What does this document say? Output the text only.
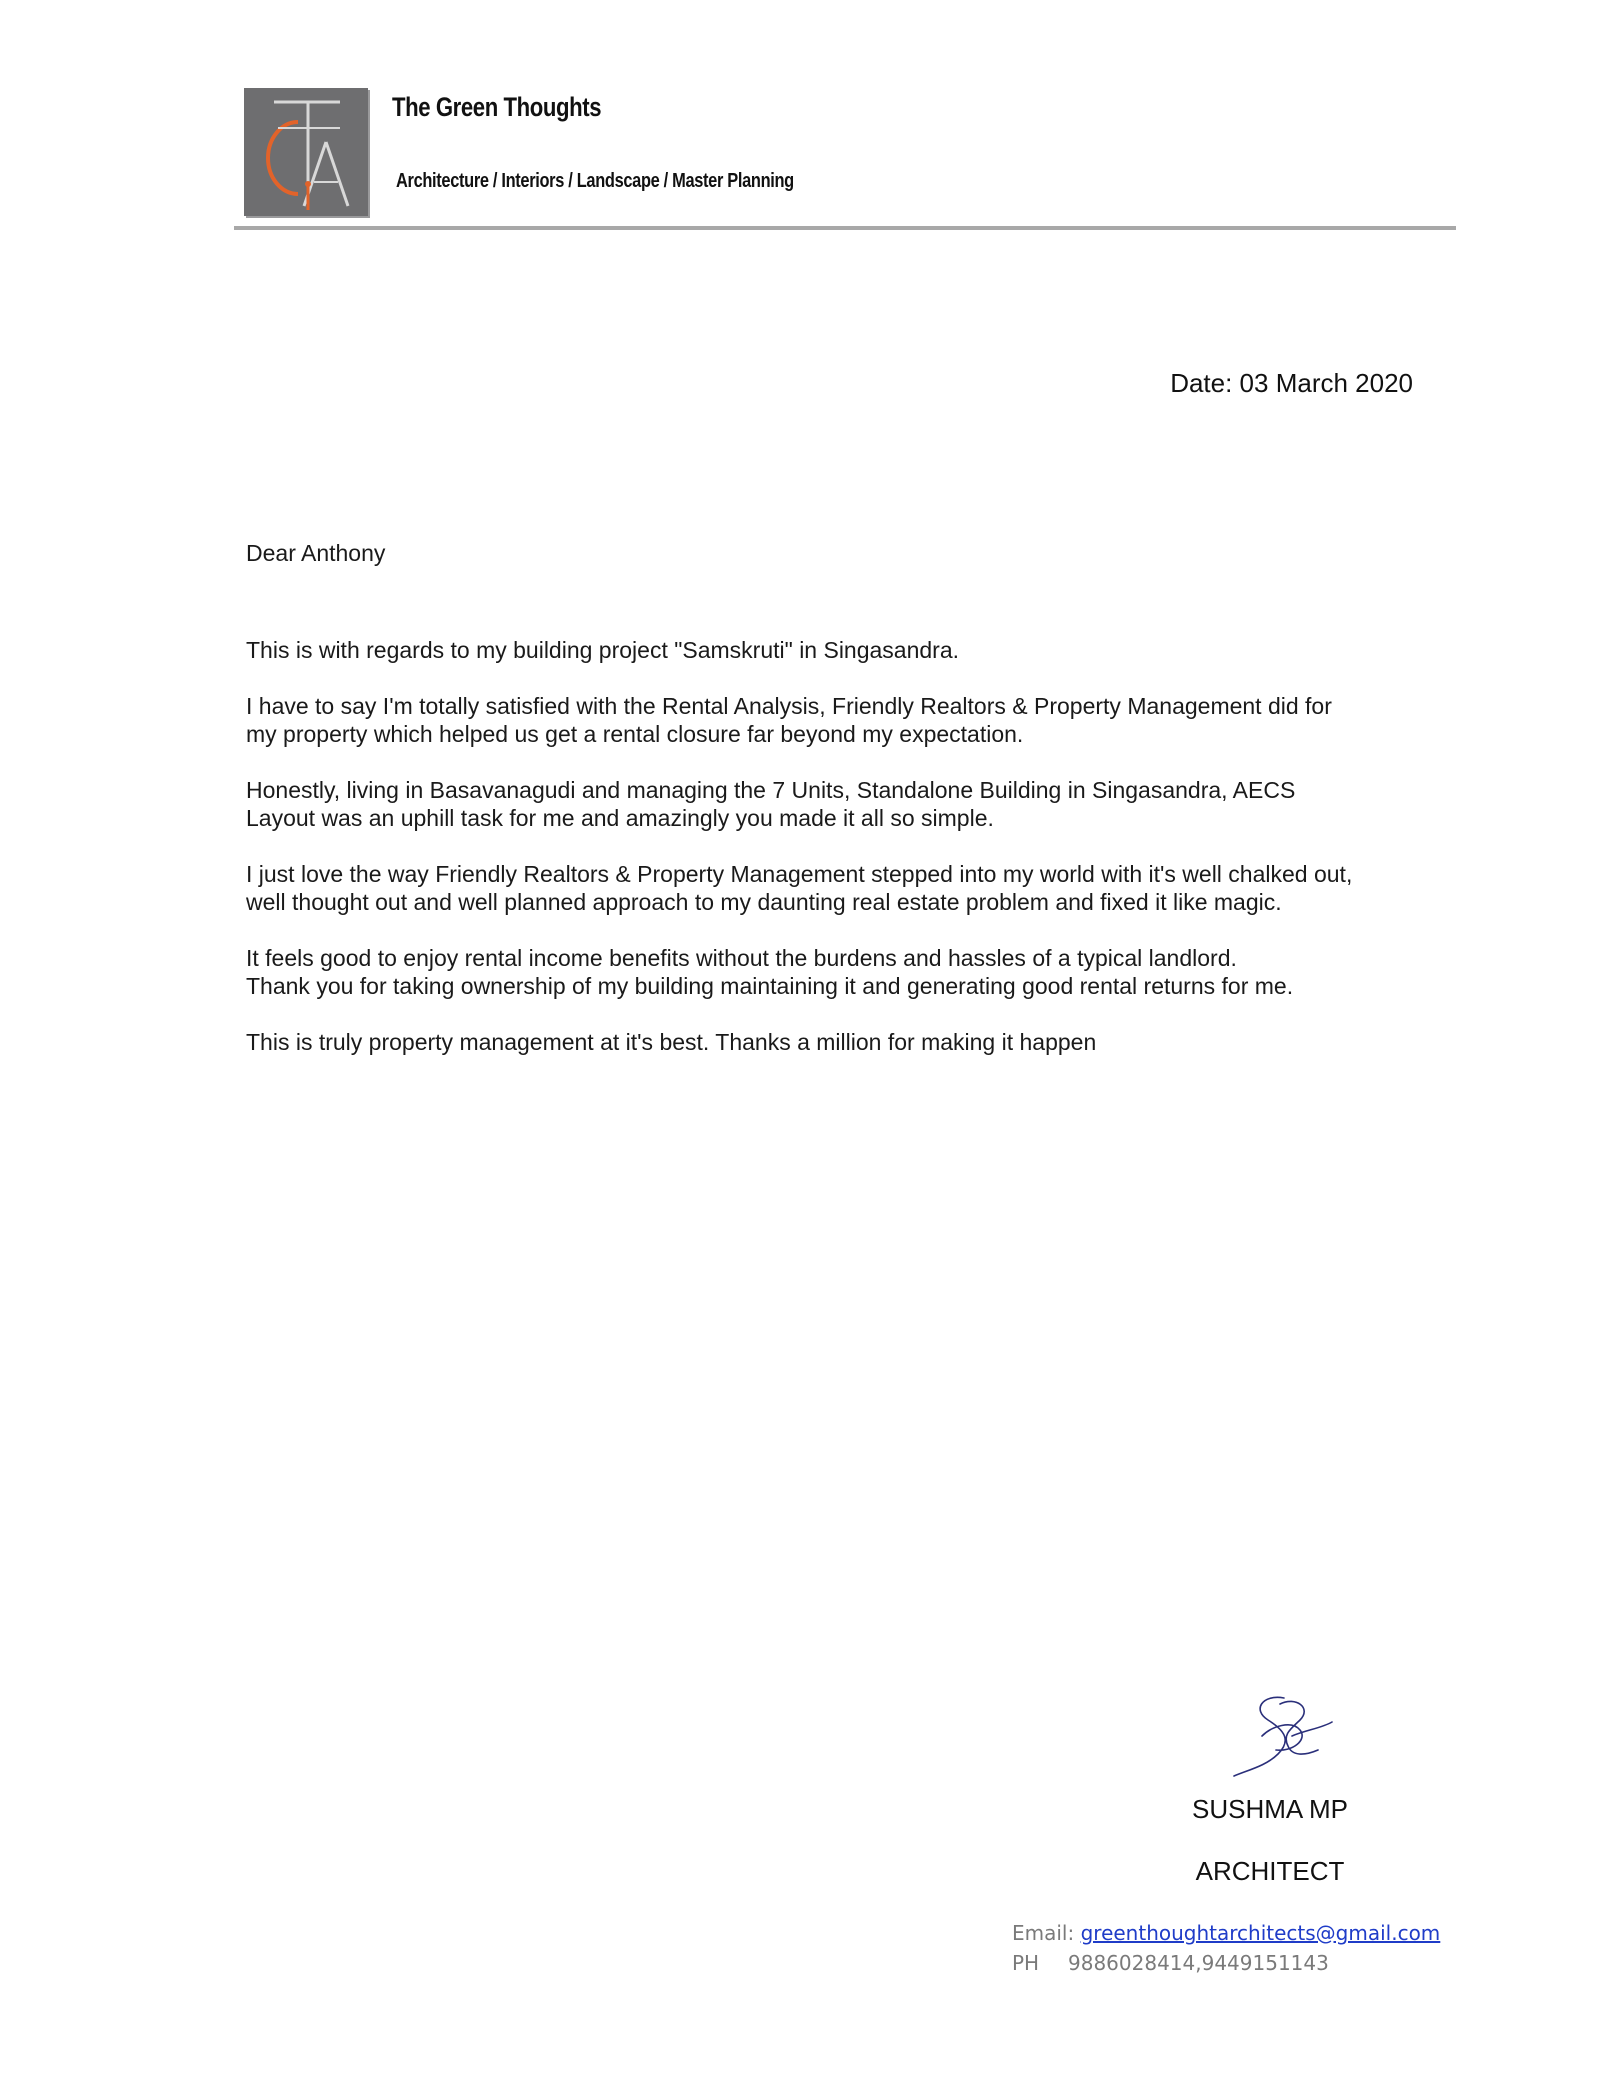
The Green Thoughts
Architecture / Interiors / Landscape / Master Planning
Date: 03 March 2020
Dear Anthony

This is with regards to my building project "Samskruti" in Singasandra.

I have to say I'm totally satisfied with the Rental Analysis, Friendly Realtors & Property Management did for
my property which helped us get a rental closure far beyond my expectation.

Honestly, living in Basavanagudi and managing the 7 Units, Standalone Building in Singasandra, AECS
Layout was an uphill task for me and amazingly you made it all so simple.

I just love the way Friendly Realtors & Property Management stepped into my world with it's well chalked out,
well thought out and well planned approach to my daunting real estate problem and fixed it like magic.

It feels good to enjoy rental income benefits without the burdens and hassles of a typical landlord.
Thank you for taking ownership of my building maintaining it and generating good rental returns for me.

This is truly property management at it's best. Thanks a million for making it happen

SUSHMA MP
ARCHITECT
Email: greenthoughtarchitects@gmail.com
PH 9886028414,9449151143
